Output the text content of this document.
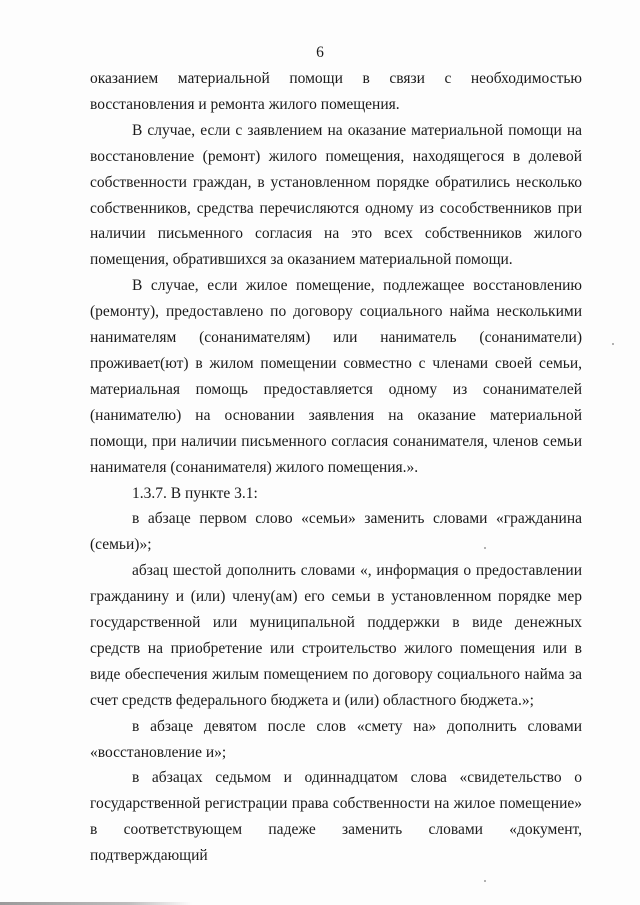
6

оказанием материальной помощи в связи с необходимостью восстановления и ремонта жилого помещения.

В случае, если с заявлением на оказание материальной помощи на восстановление (ремонт) жилого помещения, находящегося в долевой собственности граждан, в установленном порядке обратились несколько собственников, средства перечисляются одному из сособственников при наличии письменного согласия на это всех собственников жилого помещения, обратившихся за оказанием материальной помощи.

В случае, если жилое помещение, подлежащее восстановлению (ремонту), предоставлено по договору социального найма несколькими нанимателям (сонанимателям) или наниматель (сонаниматели) проживает(ют) в жилом помещении совместно с членами своей семьи, материальная помощь предоставляется одному из сонанимателей (нанимателю) на основании заявления на оказание материальной помощи, при наличии письменного согласия сонанимателя, членов семьи нанимателя (сонанимателя) жилого помещения.».

1.3.7. В пункте 3.1:

в абзаце первом слово «семьи» заменить словами «гражданина (семьи)»;

абзац шестой дополнить словами «, информация о предоставлении гражданину и (или) члену(ам) его семьи в установленном порядке мер государственной или муниципальной поддержки в виде денежных средств на приобретение или строительство жилого помещения или в виде обеспечения жилым помещением по договору социального найма за счет средств федерального бюджета и (или) областного бюджета.»;

в абзаце девятом после слов «смету на» дополнить словами «восстановление и»;

в абзацах седьмом и одиннадцатом слова «свидетельство о государственной регистрации права собственности на жилое помещение» в соответствующем падеже заменить словами «документ, подтверждающий
